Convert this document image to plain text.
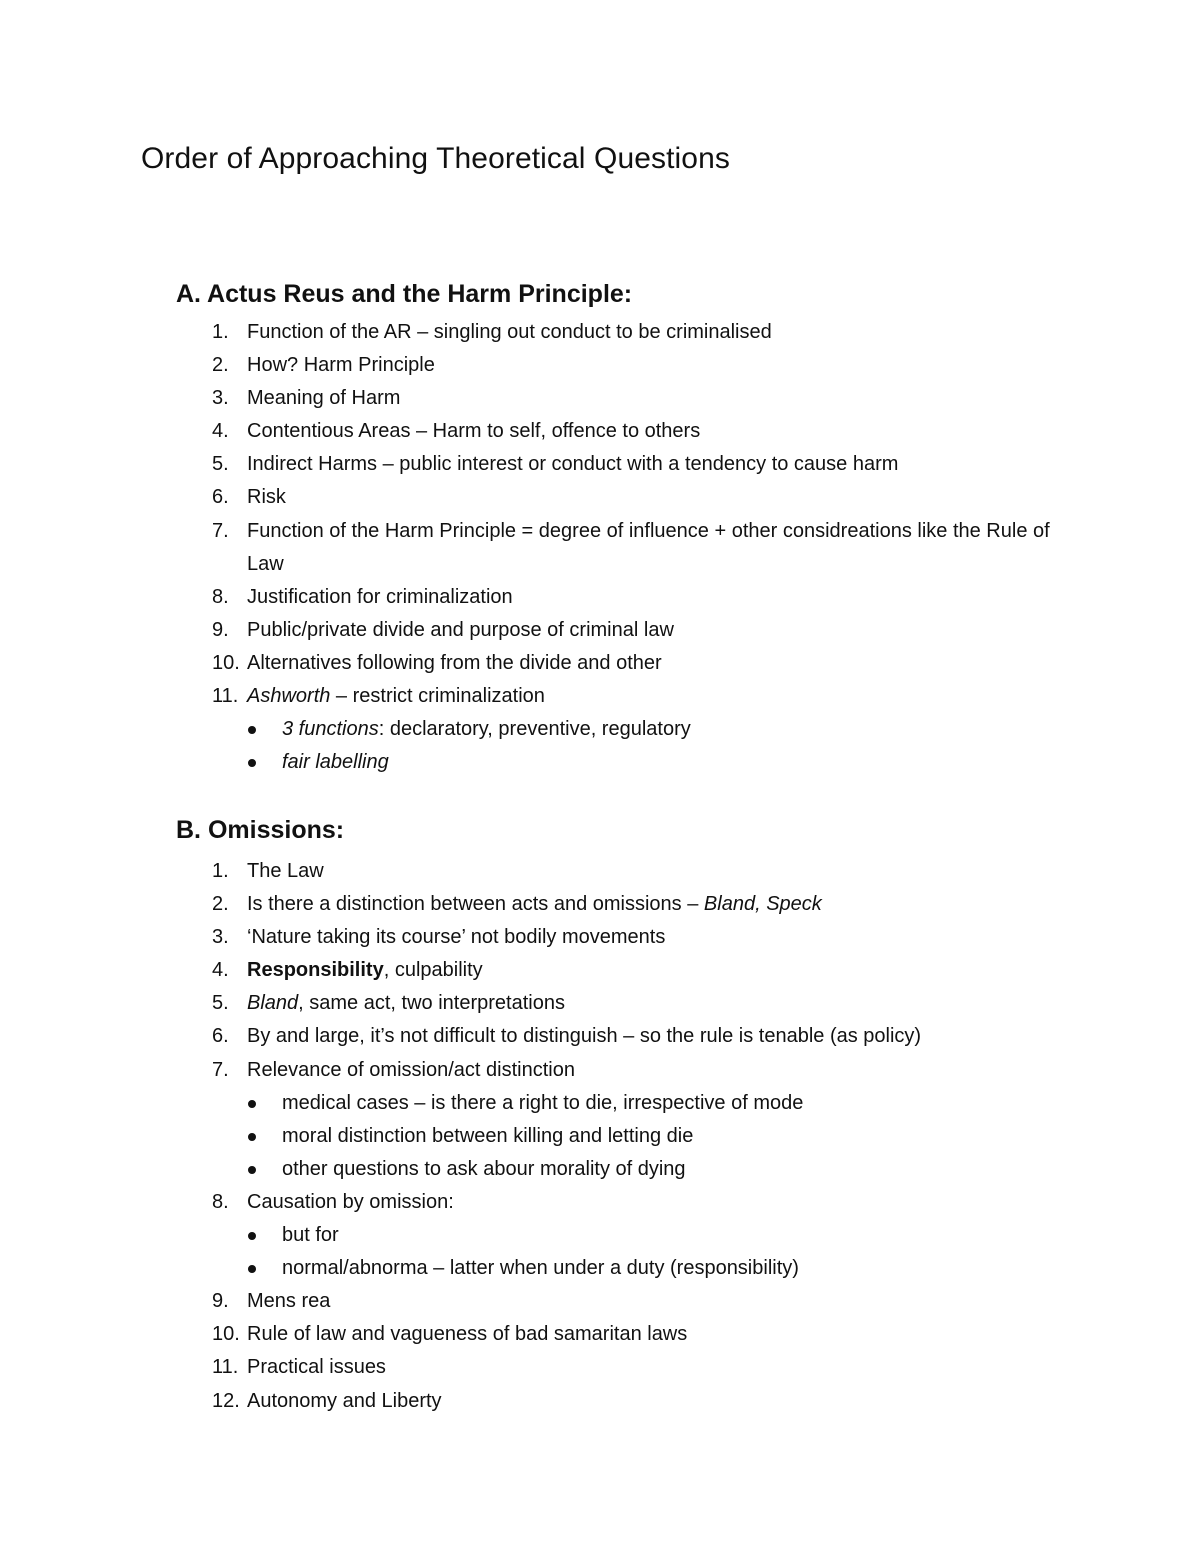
Order of Approaching Theoretical Questions
A. Actus Reus and the Harm Principle:
1. Function of the AR – singling out conduct to be criminalised
2. How? Harm Principle
3. Meaning of Harm
4. Contentious Areas – Harm to self, offence to others
5. Indirect Harms – public interest or conduct with a tendency to cause harm
6. Risk
7. Function of the Harm Principle = degree of influence + other considreations like the Rule of Law
8. Justification for criminalization
9. Public/private divide and purpose of criminal law
10. Alternatives following from the divide and other
11. Ashworth – restrict criminalization
3 functions: declaratory, preventive, regulatory
fair labelling
B. Omissions:
1. The Law
2. Is there a distinction between acts and omissions – Bland, Speck
3. ‘Nature taking its course’ not bodily movements
4. Responsibility, culpability
5. Bland, same act, two interpretations
6. By and large, it’s not difficult to distinguish – so the rule is tenable (as policy)
7. Relevance of omission/act distinction
medical cases – is there a right to die, irrespective of mode
moral distinction between killing and letting die
other questions to ask abour morality of dying
8. Causation by omission:
but for
normal/abnorma – latter when under a duty (responsibility)
9. Mens rea
10. Rule of law and vagueness of bad samaritan laws
11. Practical issues
12. Autonomy and Liberty
